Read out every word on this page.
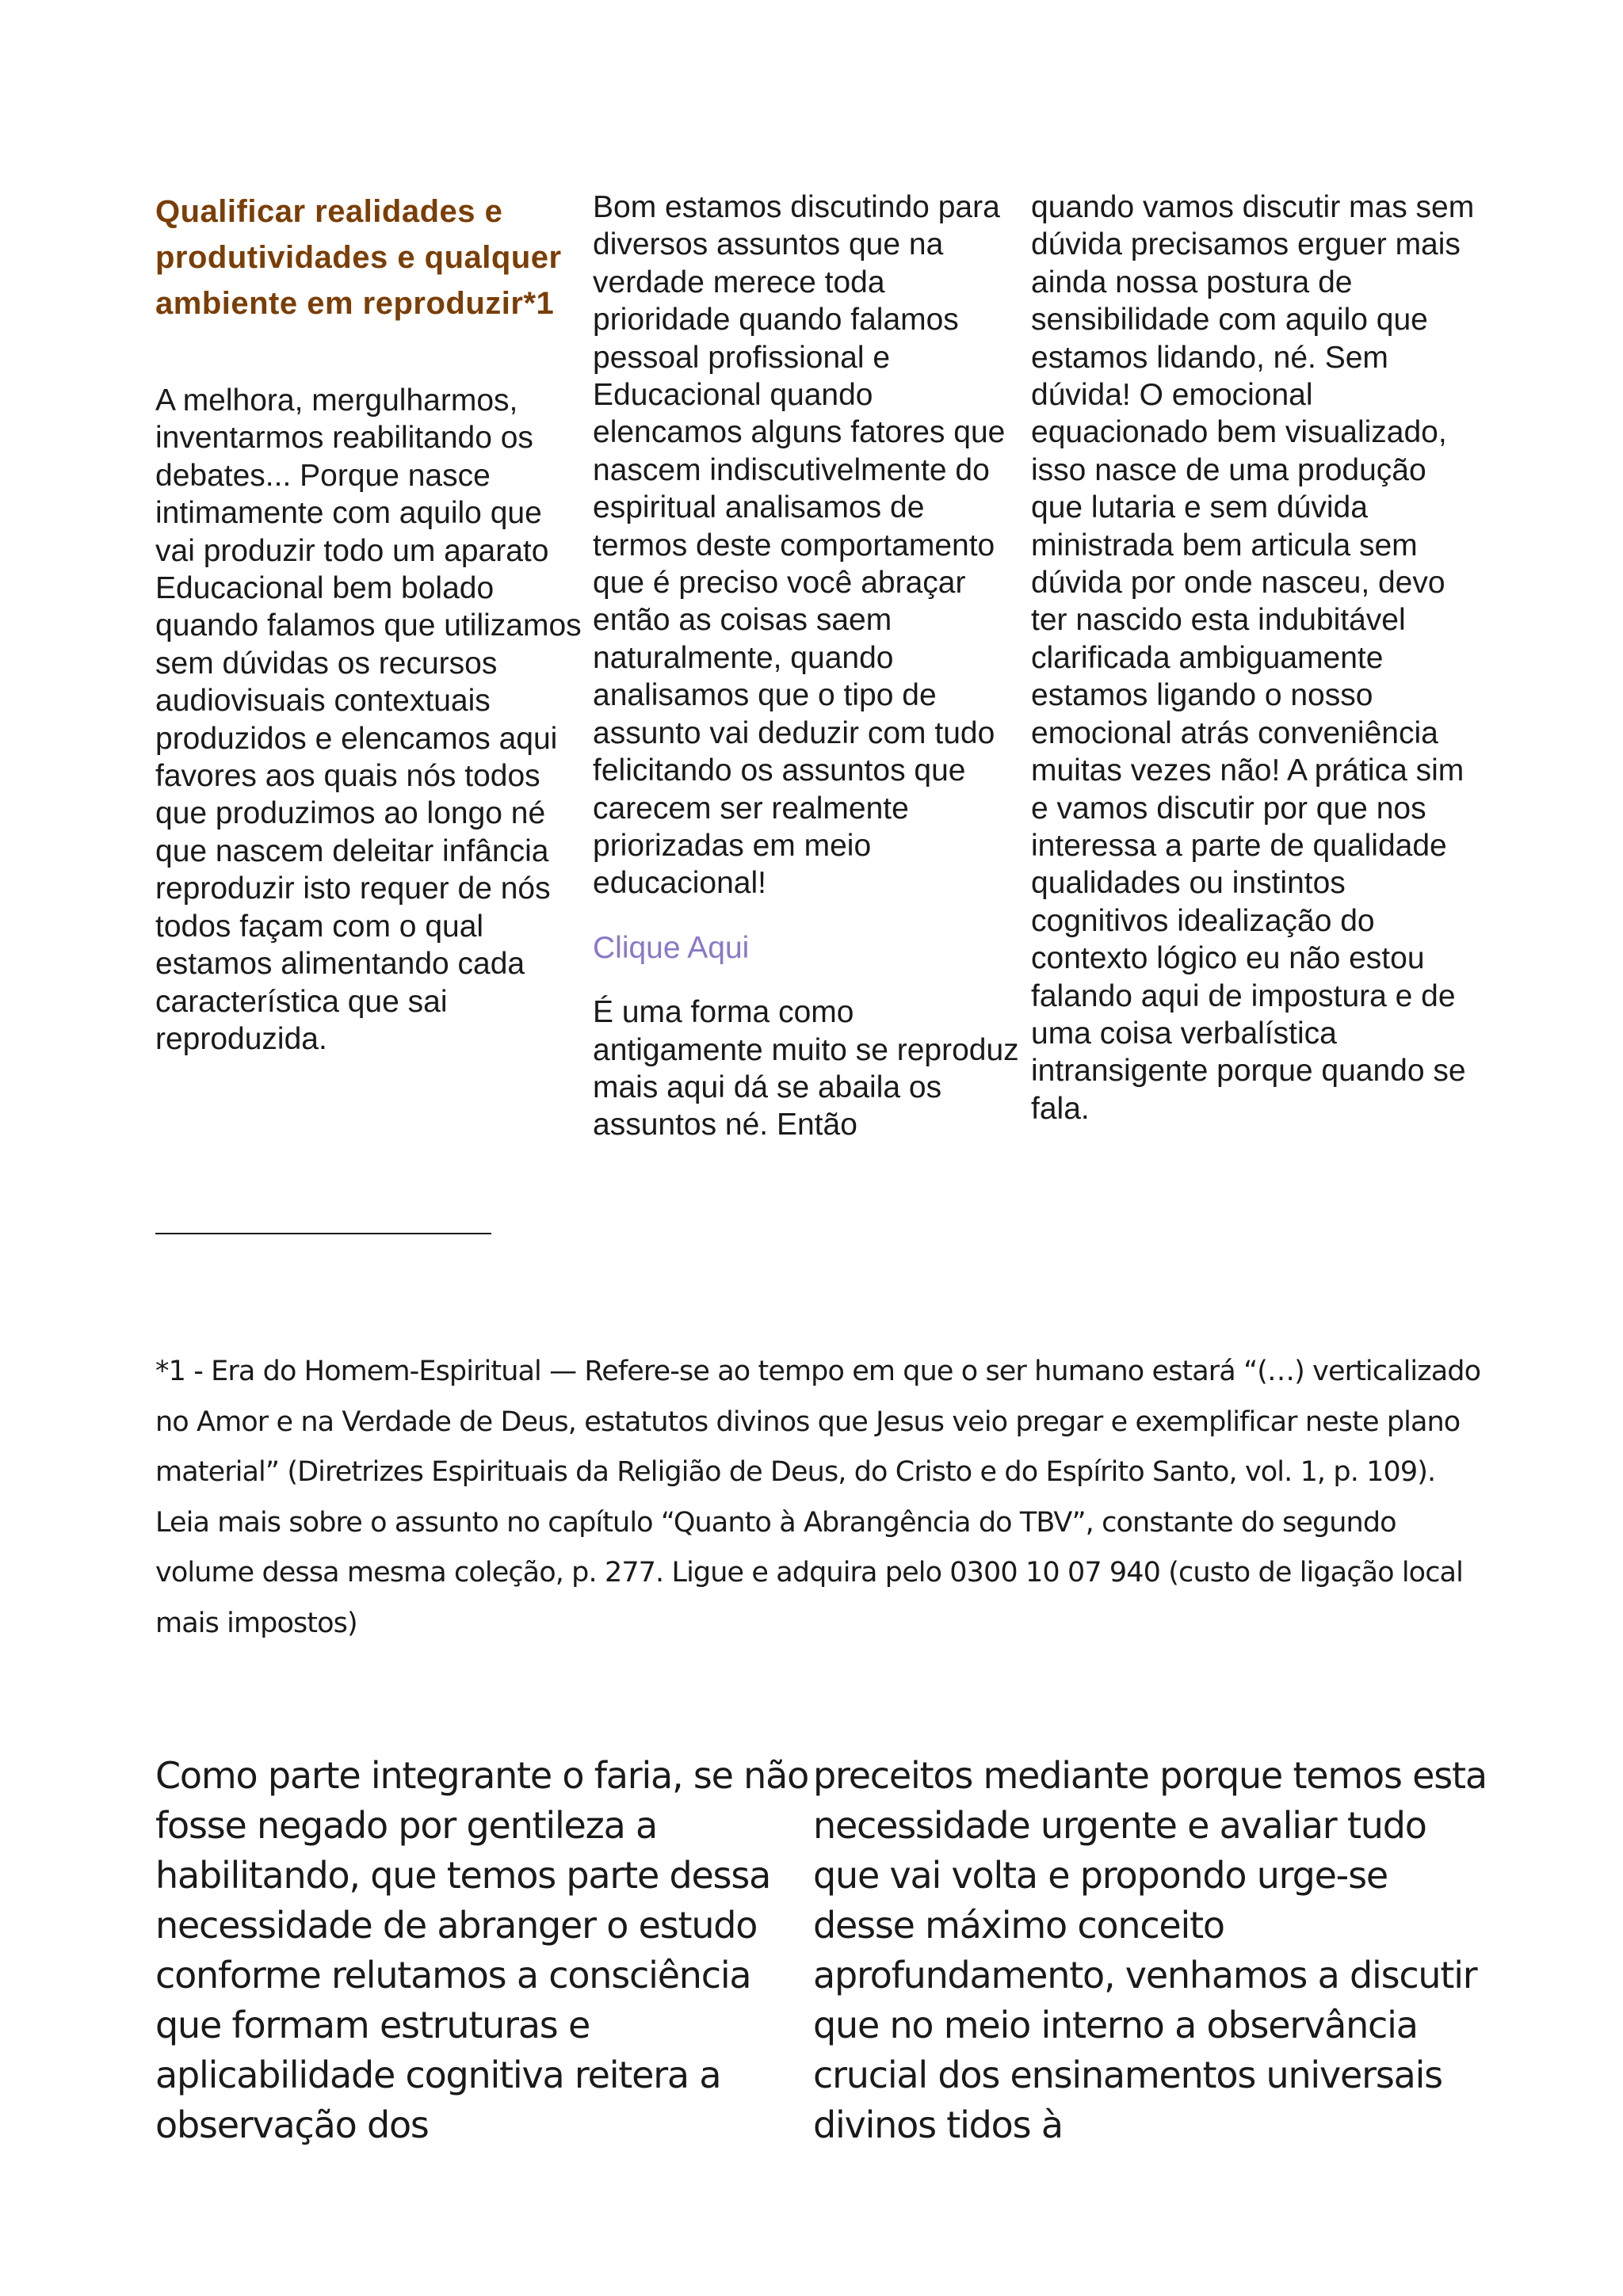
Qualificar realidades e produtividades e qualquer ambiente em reproduzir*1

A melhora, mergulharmos, inventarmos reabilitando os debates... Porque nasce intimamente com aquilo que vai produzir todo um aparato Educacional bem bolado quando falamos que utilizamos sem dúvidas os recursos audiovisuais contextuais produzidos e elencamos aqui favores aos quais nós todos que produzimos ao longo né que nascem deleitar infância reproduzir isto requer de nós todos façam com o qual estamos alimentando cada característica que sai reproduzida.

Bom estamos discutindo para diversos assuntos que na verdade merece toda prioridade quando falamos pessoal profissional e Educacional quando elencamos alguns fatores que nascem indiscutivelmente do espiritual analisamos de termos deste comportamento que é preciso você abraçar então as coisas saem naturalmente, quando analisamos que o tipo de assunto vai deduzir com tudo felicitando os assuntos que carecem ser realmente priorizadas em meio educacional!

Clique Aqui

É uma forma como antigamente muito se reproduz mais aqui dá se abaila os assuntos né. Então

quando vamos discutir mas sem dúvida precisamos erguer mais ainda nossa postura de sensibilidade com aquilo que estamos lidando, né. Sem dúvida! O emocional equacionado bem visualizado, isso nasce de uma produção que lutaria e sem dúvida ministrada bem articula sem dúvida por onde nasceu, devo ter nascido esta indubitável clarificada ambiguamente estamos ligando o nosso emocional atrás conveniência muitas vezes não! A prática sim e vamos discutir por que nos interessa a parte de qualidade qualidades ou instintos cognitivos idealização do contexto lógico eu não estou falando aqui de impostura e de uma coisa verbalística intransigente porque quando se fala.

*1 - Era do Homem-Espiritual — Refere-se ao tempo em que o ser humano estará “(…) verticalizado no Amor e na Verdade de Deus, estatutos divinos que Jesus veio pregar e exemplificar neste plano material” (Diretrizes Espirituais da Religião de Deus, do Cristo e do Espírito Santo, vol. 1, p. 109). Leia mais sobre o assunto no capítulo “Quanto à Abrangência do TBV”, constante do segundo volume dessa mesma coleção, p. 277. Ligue e adquira pelo 0300 10 07 940 (custo de ligação local mais impostos)

Como parte integrante o faria, se não fosse negado por gentileza a habilitando, que temos parte dessa necessidade de abranger o estudo conforme relutamos a consciência que formam estruturas e aplicabilidade cognitiva reitera a observação dos

preceitos mediante porque temos esta necessidade urgente e avaliar tudo que vai volta e propondo urge-se desse máximo conceito aprofundamento, venhamos a discutir que no meio interno a observância crucial dos ensinamentos universais divinos tidos à
